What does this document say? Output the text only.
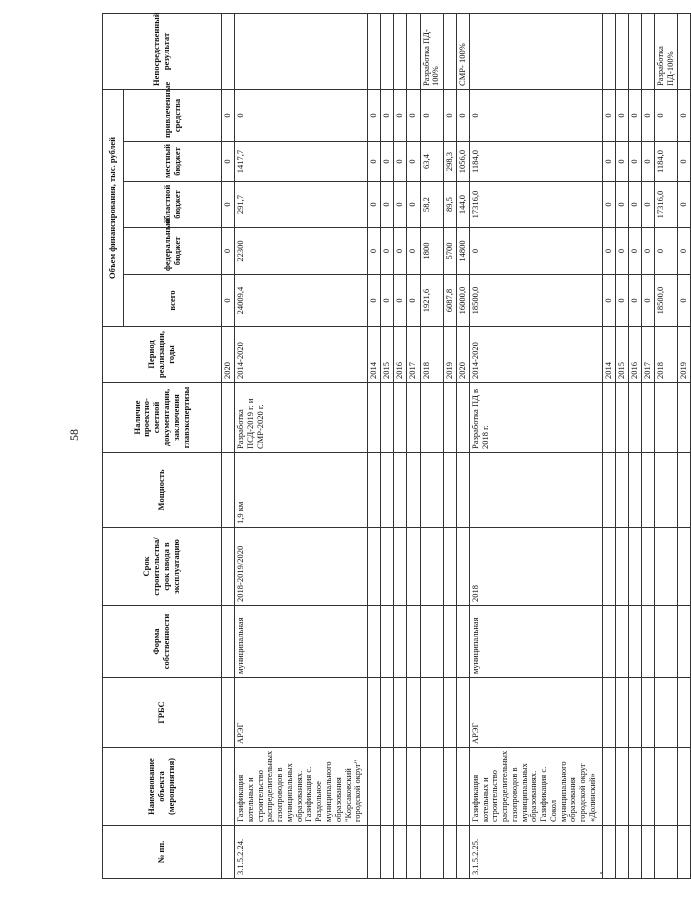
58
№ пп.	Наименование объекта (мероприятия)	ГРБС	Форма собственности	Срок строительства/срок ввода в эксплуатацию	Мощность	Наличие проектно-сметной документации, заключения главэкспертизы	Период реализации, годы	Объем финансирования, тыс. рублей					Непосредственный результат
								всего	федеральный бюджет	областной бюджет	местный бюджет	привлеченные средства	
							2020	0	0	0	0	0	
3.1.5.2.24.	Газификация котельных и строительство распределительных газопроводов в муниципальных образованиях. Газификация с. Раздольное муниципального образования "Корсаковский городской округ"	АРЭГ	муниципальная	2018-2019/2020	1,9 км	Разработка ПСД-2019 г. и СМР-2020 г.	2014-2020	24009,4	22300	291,7	1417,7	0	
							2014	0	0	0	0	0	
							2015	0	0	0	0	0	
							2016	0	0	0	0	0	
							2017	0	0	0	0	0	
							2018	1921,6	1800	58,2	63,4	0	Разработка ПД- 100%
							2019	6087,8	5700	89,5	298,3	0	
							2020	16000,0	14800	144,0	1056,0	0	СМР- 100%
3.1.5.2.25.	Газификация котельных и строительство распределительных газопроводов в муниципальных образованиях. Газификация с. Сокол муниципального образования городской округ «Долинский»	АРЭГ	муниципальная	2018		Разработка ПД в 2018 г.	2014-2020	18500,0	0	17316,0	1184,0	0	
							2014	0	0	0	0	0	
							2015	0	0	0	0	0	
							2016	0	0	0	0	0	
							2017	0	0	0	0	0	
							2018	18500,0	0	17316,0	1184,0	0	Разработка ПД-100%
							2019	0	0	0	0	0	
